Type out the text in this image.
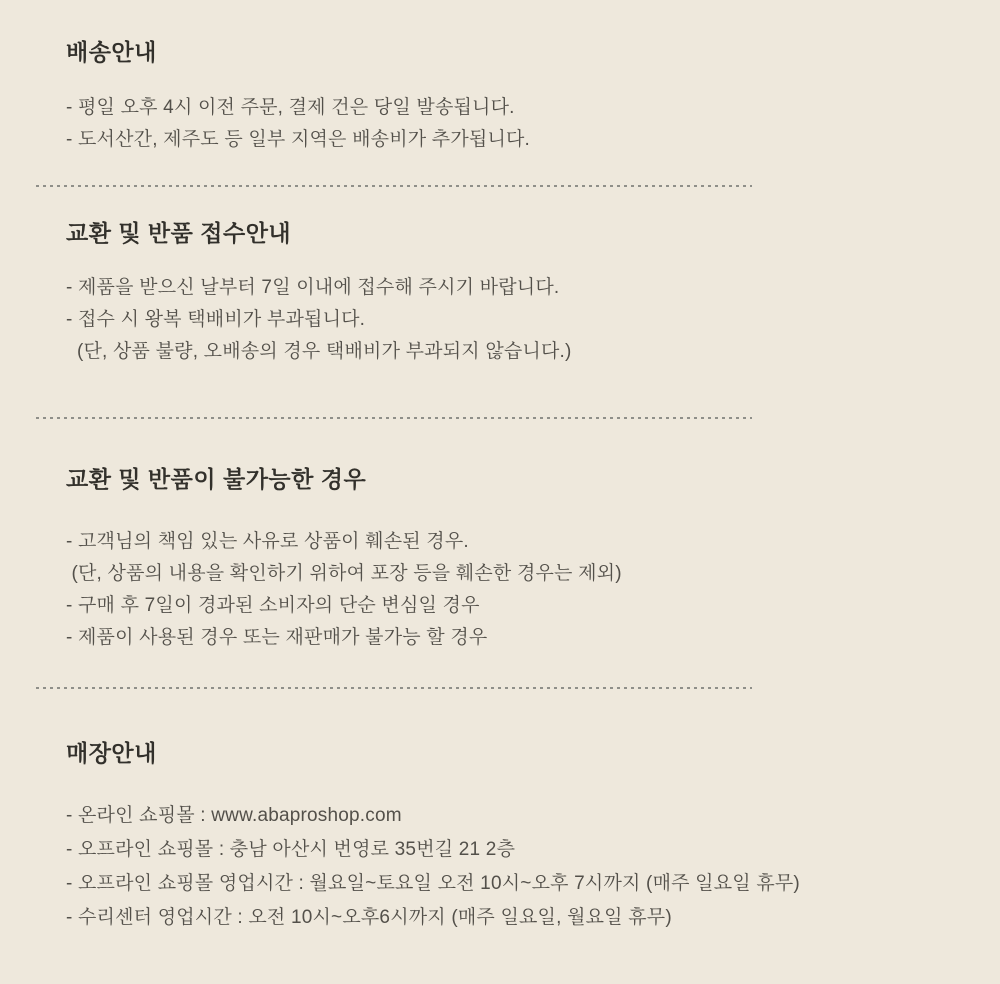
배송안내

- 평일 오후 4시 이전 주문, 결제 건은 당일 발송됩니다.

- 도서산간, 제주도 등 일부 지역은 배송비가 추가됩니다.

교환 및 반품 접수안내

- 제품을 받으신 날부터 7일 이내에 접수해 주시기 바랍니다.

- 접수 시 왕복 택배비가 부과됩니다.

(단, 상품 불량, 오배송의 경우 택배비가 부과되지 않습니다.)

교환 및 반품이 불가능한 경우

- 고객님의 책임 있는 사유로 상품이 훼손된 경우.

(단, 상품의 내용을 확인하기 위하여 포장 등을 훼손한 경우는 제외)

- 구매 후 7일이 경과된 소비자의 단순 변심일 경우

- 제품이 사용된 경우 또는 재판매가 불가능 할 경우

매장안내

- 온라인 쇼핑몰 : www.abaproshop.com

- 오프라인 쇼핑몰 : 충남 아산시 번영로 35번길 21 2층

- 오프라인 쇼핑몰 영업시간 : 월요일~토요일 오전 10시~오후 7시까지 (매주 일요일 휴무)

- 수리센터 영업시간 : 오전 10시~오후6시까지 (매주 일요일, 월요일 휴무)
